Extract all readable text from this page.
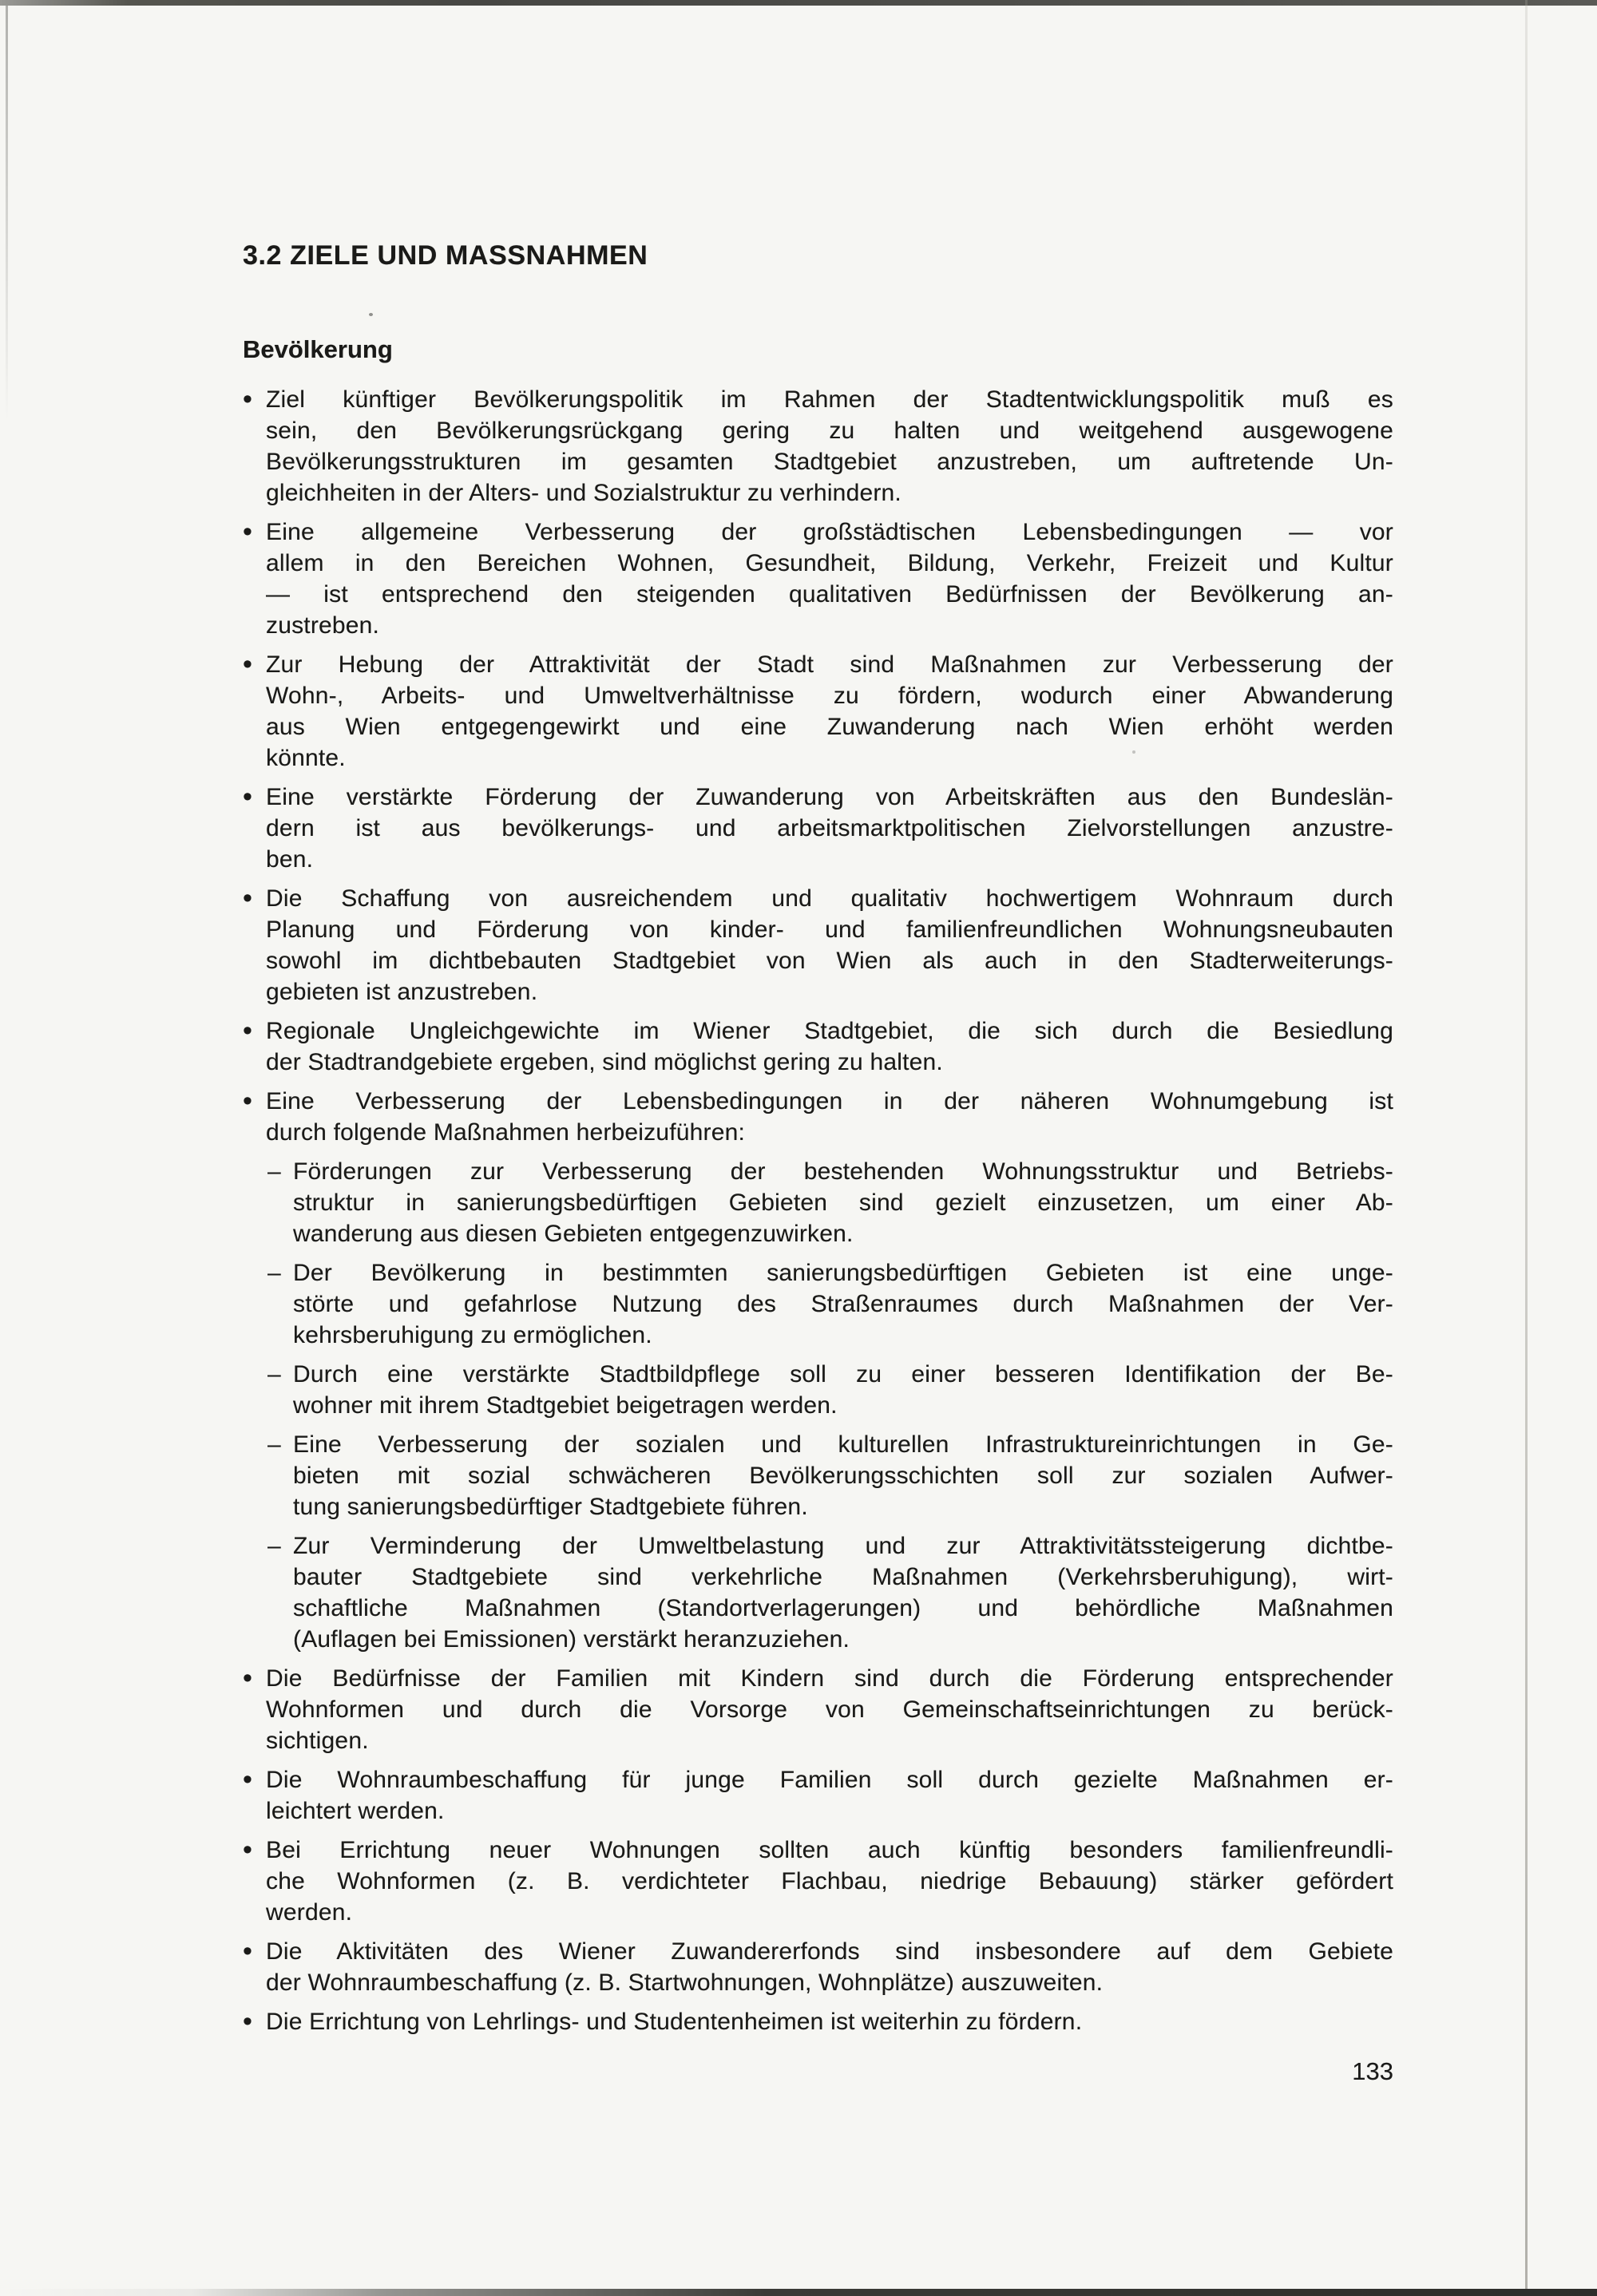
3.2 ZIELE UND MASSNAHMEN
Bevölkerung
• Ziel künftiger Bevölkerungspolitik im Rahmen der Stadtentwicklungspolitik muß es
sein, den Bevölkerungsrückgang gering zu halten und weitgehend ausgewogene
Bevölkerungsstrukturen im gesamten Stadtgebiet anzustreben, um auftretende Un-
gleichheiten in der Alters- und Sozialstruktur zu verhindern.
• Eine allgemeine Verbesserung der großstädtischen Lebensbedingungen — vor
allem in den Bereichen Wohnen, Gesundheit, Bildung, Verkehr, Freizeit und Kultur
— ist entsprechend den steigenden qualitativen Bedürfnissen der Bevölkerung an-
zustreben.
• Zur Hebung der Attraktivität der Stadt sind Maßnahmen zur Verbesserung der
Wohn-, Arbeits- und Umweltverhältnisse zu fördern, wodurch einer Abwanderung
aus Wien entgegengewirkt und eine Zuwanderung nach Wien erhöht werden
könnte.
• Eine verstärkte Förderung der Zuwanderung von Arbeitskräften aus den Bundeslän-
dern ist aus bevölkerungs- und arbeitsmarktpolitischen Zielvorstellungen anzustre-
ben.
• Die Schaffung von ausreichendem und qualitativ hochwertigem Wohnraum durch
Planung und Förderung von kinder- und familienfreundlichen Wohnungsneubauten
sowohl im dichtbebauten Stadtgebiet von Wien als auch in den Stadterweiterungs-
gebieten ist anzustreben.
• Regionale Ungleichgewichte im Wiener Stadtgebiet, die sich durch die Besiedlung
der Stadtrandgebiete ergeben, sind möglichst gering zu halten.
• Eine Verbesserung der Lebensbedingungen in der näheren Wohnumgebung ist
durch folgende Maßnahmen herbeizuführen:
– Förderungen zur Verbesserung der bestehenden Wohnungsstruktur und Betriebs-
struktur in sanierungsbedürftigen Gebieten sind gezielt einzusetzen, um einer Ab-
wanderung aus diesen Gebieten entgegenzuwirken.
– Der Bevölkerung in bestimmten sanierungsbedürftigen Gebieten ist eine unge-
störte und gefahrlose Nutzung des Straßenraumes durch Maßnahmen der Ver-
kehrsberuhigung zu ermöglichen.
– Durch eine verstärkte Stadtbildpflege soll zu einer besseren Identifikation der Be-
wohner mit ihrem Stadtgebiet beigetragen werden.
– Eine Verbesserung der sozialen und kulturellen Infrastruktureinrichtungen in Ge-
bieten mit sozial schwächeren Bevölkerungsschichten soll zur sozialen Aufwer-
tung sanierungsbedürftiger Stadtgebiete führen.
– Zur Verminderung der Umweltbelastung und zur Attraktivitätssteigerung dichtbe-
bauter Stadtgebiete sind verkehrliche Maßnahmen (Verkehrsberuhigung), wirt-
schaftliche Maßnahmen (Standortverlagerungen) und behördliche Maßnahmen
(Auflagen bei Emissionen) verstärkt heranzuziehen.
• Die Bedürfnisse der Familien mit Kindern sind durch die Förderung entsprechender
Wohnformen und durch die Vorsorge von Gemeinschaftseinrichtungen zu berück-
sichtigen.
• Die Wohnraumbeschaffung für junge Familien soll durch gezielte Maßnahmen er-
leichtert werden.
• Bei Errichtung neuer Wohnungen sollten auch künftig besonders familienfreundli-
che Wohnformen (z. B. verdichteter Flachbau, niedrige Bebauung) stärker gefördert
werden.
• Die Aktivitäten des Wiener Zuwandererfonds sind insbesondere auf dem Gebiete
der Wohnraumbeschaffung (z. B. Startwohnungen, Wohnplätze) auszuweiten.
• Die Errichtung von Lehrlings- und Studentenheimen ist weiterhin zu fördern.
133
